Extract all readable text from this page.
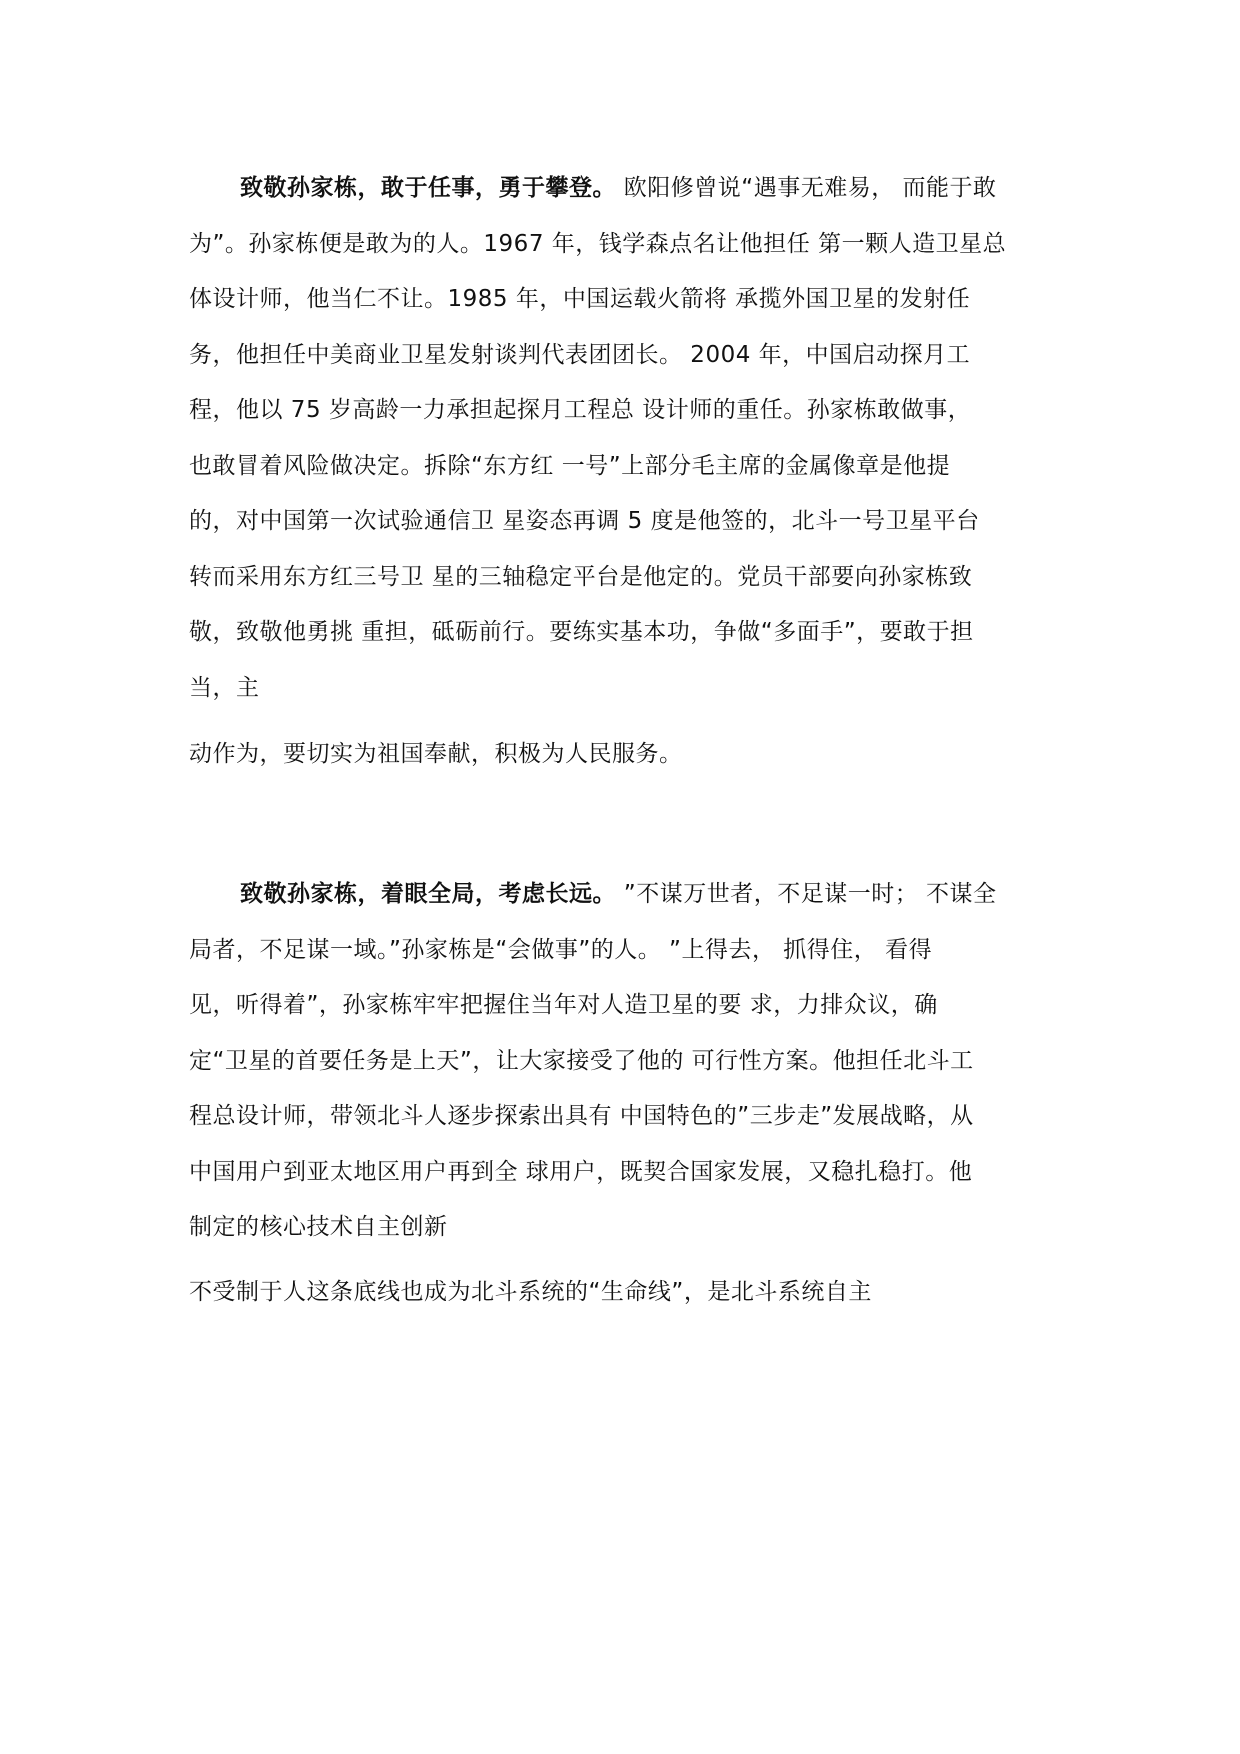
致敬孙家栋，敢于任事，勇于攀登。 欧阳修曾说“遇事无难易， 而能于敢
为”。孙家栋便是敢为的人。1967 年，钱学森点名让他担任 第一颗人造卫星总
体设计师，他当仁不让。1985 年，中国运载火箭将 承揽外国卫星的发射任
务，他担任中美商业卫星发射谈判代表团团长。 2004 年，中国启动探月工
程，他以 75 岁高龄一力承担起探月工程总 设计师的重任。孙家栋敢做事，
也敢冒着风险做决定。拆除“东方红 一号”上部分毛主席的金属像章是他提
的，对中国第一次试验通信卫 星姿态再调 5 度是他签的，北斗一号卫星平台
转而采用东方红三号卫 星的三轴稳定平台是他定的。党员干部要向孙家栋致
敬，致敬他勇挑 重担，砥砺前行。要练实基本功，争做“多面手”，要敢于担
当，主
动作为，要切实为祖国奉献，积极为人民服务。
致敬孙家栋，着眼全局，考虑长远。 ”不谋万世者，不足谋一时； 不谋全
局者，不足谋一域。”孙家栋是“会做事”的人。 ”上得去， 抓得住， 看得
见，听得着”，孙家栋牢牢把握住当年对人造卫星的要 求，力排众议，确
定“卫星的首要任务是上天”，让大家接受了他的 可行性方案。他担任北斗工
程总设计师，带领北斗人逐步探索出具有 中国特色的”三步走”发展战略，从
中国用户到亚太地区用户再到全 球用户，既契合国家发展，又稳扎稳打。他
制定的核心技术自主创新
不受制于人这条底线也成为北斗系统的“生命线”，是北斗系统自主
